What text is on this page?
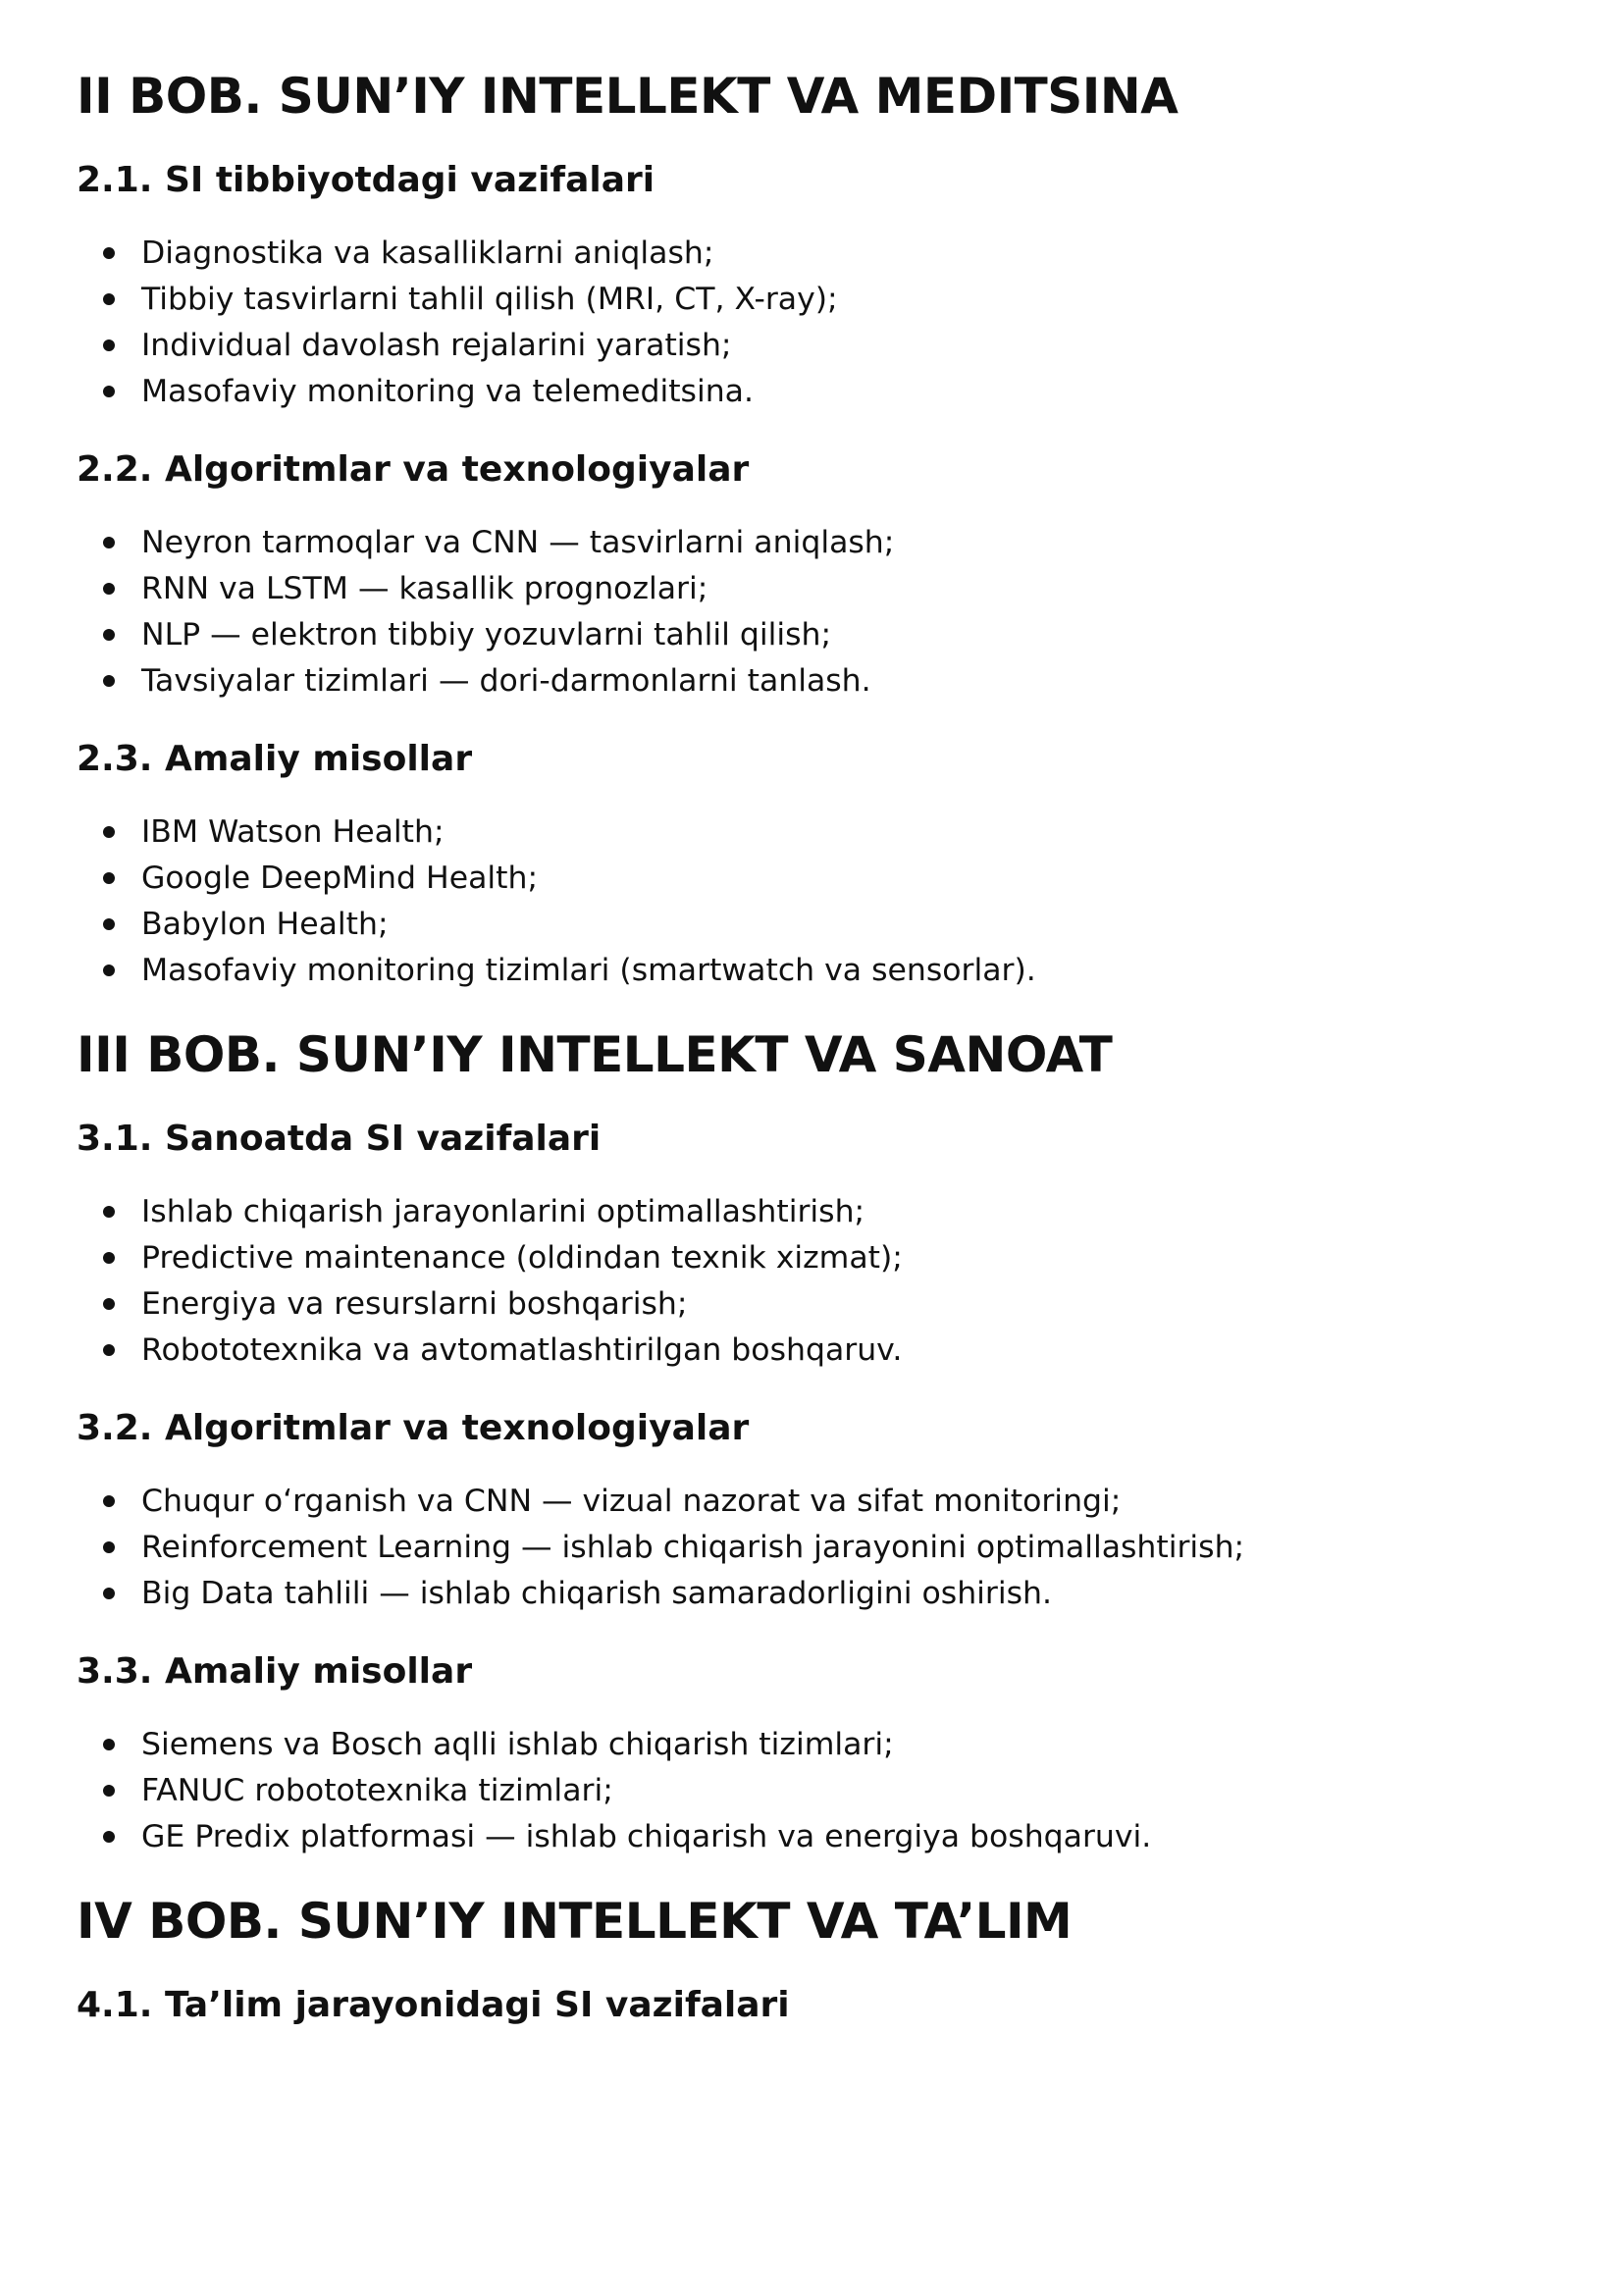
II BOB. SUN’IY INTELLEKT VA MEDITSINA
2.1. SI tibbiyotdagi vazifalari
Diagnostika va kasalliklarni aniqlash;
Tibbiy tasvirlarni tahlil qilish (MRI, CT, X-ray);
Individual davolash rejalarini yaratish;
Masofaviy monitoring va telemeditsina.
2.2. Algoritmlar va texnologiyalar
Neyron tarmoqlar va CNN — tasvirlarni aniqlash;
RNN va LSTM — kasallik prognozlari;
NLP — elektron tibbiy yozuvlarni tahlil qilish;
Tavsiyalar tizimlari — dori-darmonlarni tanlash.
2.3. Amaliy misollar
IBM Watson Health;
Google DeepMind Health;
Babylon Health;
Masofaviy monitoring tizimlari (smartwatch va sensorlar).
III BOB. SUN’IY INTELLEKT VA SANOAT
3.1. Sanoatda SI vazifalari
Ishlab chiqarish jarayonlarini optimallashtirish;
Predictive maintenance (oldindan texnik xizmat);
Energiya va resurslarni boshqarish;
Robototexnika va avtomatlashtirilgan boshqaruv.
3.2. Algoritmlar va texnologiyalar
Chuqur o‘rganish va CNN — vizual nazorat va sifat monitoringi;
Reinforcement Learning — ishlab chiqarish jarayonini optimallashtirish;
Big Data tahlili — ishlab chiqarish samaradorligini oshirish.
3.3. Amaliy misollar
Siemens va Bosch aqlli ishlab chiqarish tizimlari;
FANUC robototexnika tizimlari;
GE Predix platformasi — ishlab chiqarish va energiya boshqaruvi.
IV BOB. SUN’IY INTELLEKT VA TA’LIM
4.1. Ta’lim jarayonidagi SI vazifalari
